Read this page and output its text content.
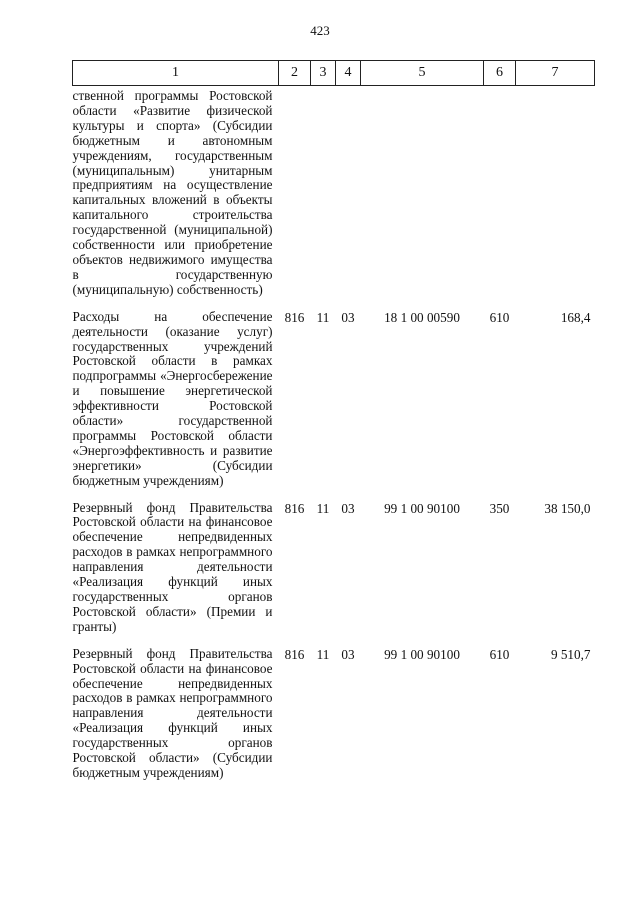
423
1	2	3	4	5	6	7
ственной программы Ростовской области «Развитие физической культуры и спорта» (Субсидии бюджетным и автономным учреждениям, государственным (муниципальным) унитарным предприятиям на осуществление капитальных вложений в объекты капитального строительства государственной (муниципальной) собственности или приобретение объектов недвижимого имущества в государственную (муниципальную) собственность)						
Расходы на обеспечение деятельности (оказание услуг) государственных учреждений Ростовской области в рамках подпрограммы «Энергосбережение и повышение энергетической эффективности Ростовской области» государственной программы Ростовской области «Энергоэффективность и развитие энергетики» (Субсидии бюджетным учреждениям)	816	11	03	18 1 00 00590	610	168,4
Резервный фонд Правительства Ростовской области на финансовое обеспечение непредвиденных расходов в рамках непрограммного направления деятельности «Реализация функций иных государственных органов Ростовской области» (Премии и гранты)	816	11	03	99 1 00 90100	350	38 150,0
Резервный фонд Правительства Ростовской области на финансовое обеспечение непредвиденных расходов в рамках непрограммного направления деятельности «Реализация функций иных государственных органов Ростовской области» (Субсидии бюджетным учреждениям)	816	11	03	99 1 00 90100	610	9 510,7
